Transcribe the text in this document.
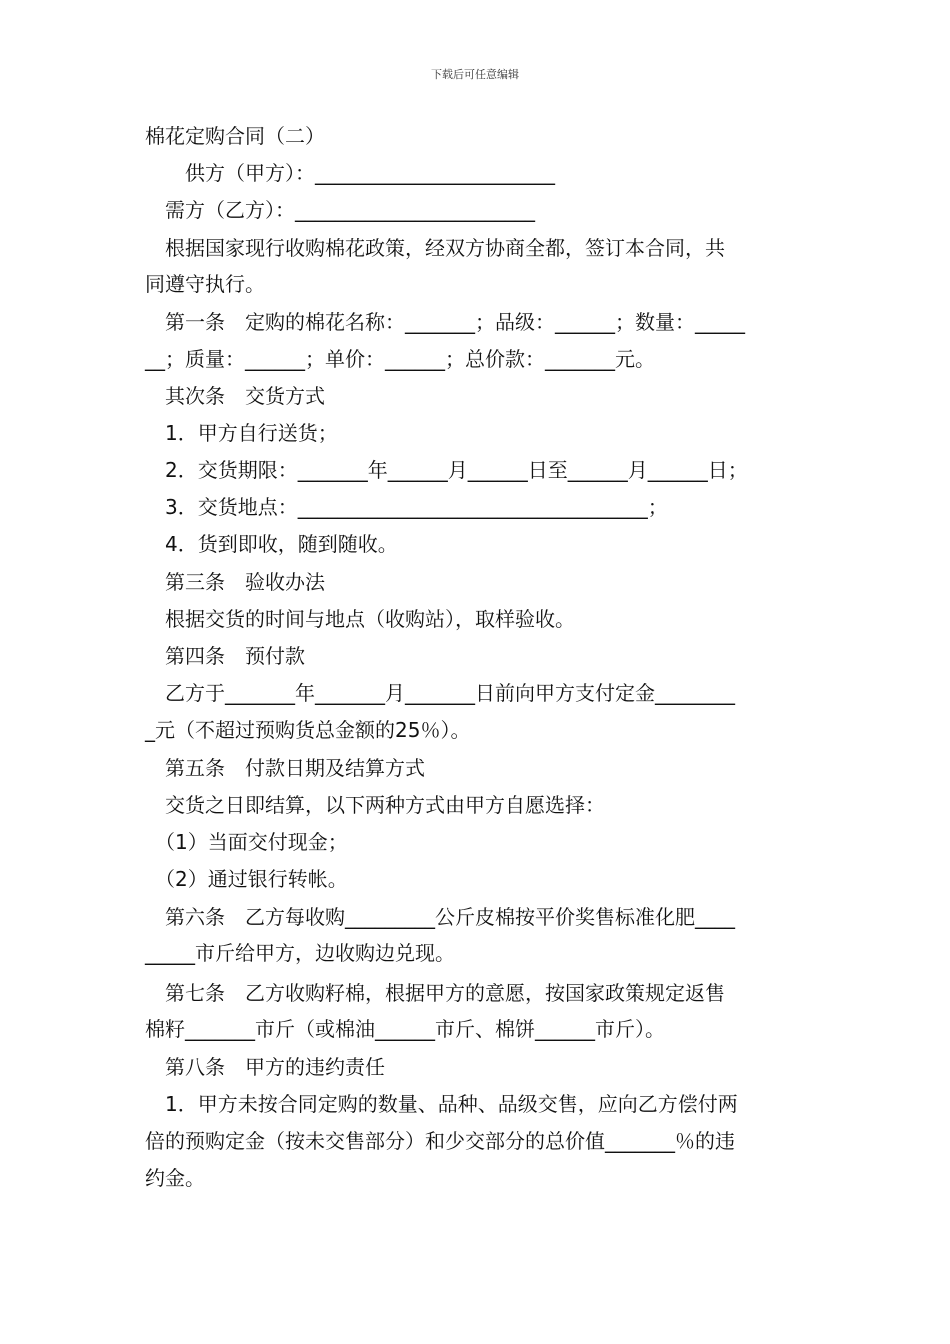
下载后可任意编辑
棉花定购合同（二）
　　供方（甲方）：________________________
　需方（乙方）：________________________
　根据国家现行收购棉花政策，经双方协商全都，签订本合同，共
同遵守执行。
　第一条　定购的棉花名称：_______；品级：______；数量：_____
__；质量：______；单价：______；总价款：_______元。
　其次条　交货方式
　1．甲方自行送货；
　2．交货期限：_______年______月______日至______月______日；
　3．交货地点：___________________________________；
　4．货到即收，随到随收。
　第三条　验收办法
　根据交货的时间与地点（收购站），取样验收。
　第四条　预付款
　乙方于_______年_______月_______日前向甲方支付定金________
_元（不超过预购货总金额的25％）。
　第五条　付款日期及结算方式
　交货之日即结算，以下两种方式由甲方自愿选择：
　（1）当面交付现金；
　（2）通过银行转帐。
　第六条　乙方每收购_________公斤皮棉按平价奖售标准化肥____
_____市斤给甲方，边收购边兑现。
　第七条　乙方收购籽棉，根据甲方的意愿，按国家政策规定返售
棉籽_______市斤（或棉油______市斤、棉饼______市斤）。
　第八条　甲方的违约责任
　1．甲方未按合同定购的数量、品种、品级交售，应向乙方偿付两
倍的预购定金（按未交售部分）和少交部分的总价值_______％的违
约金。
